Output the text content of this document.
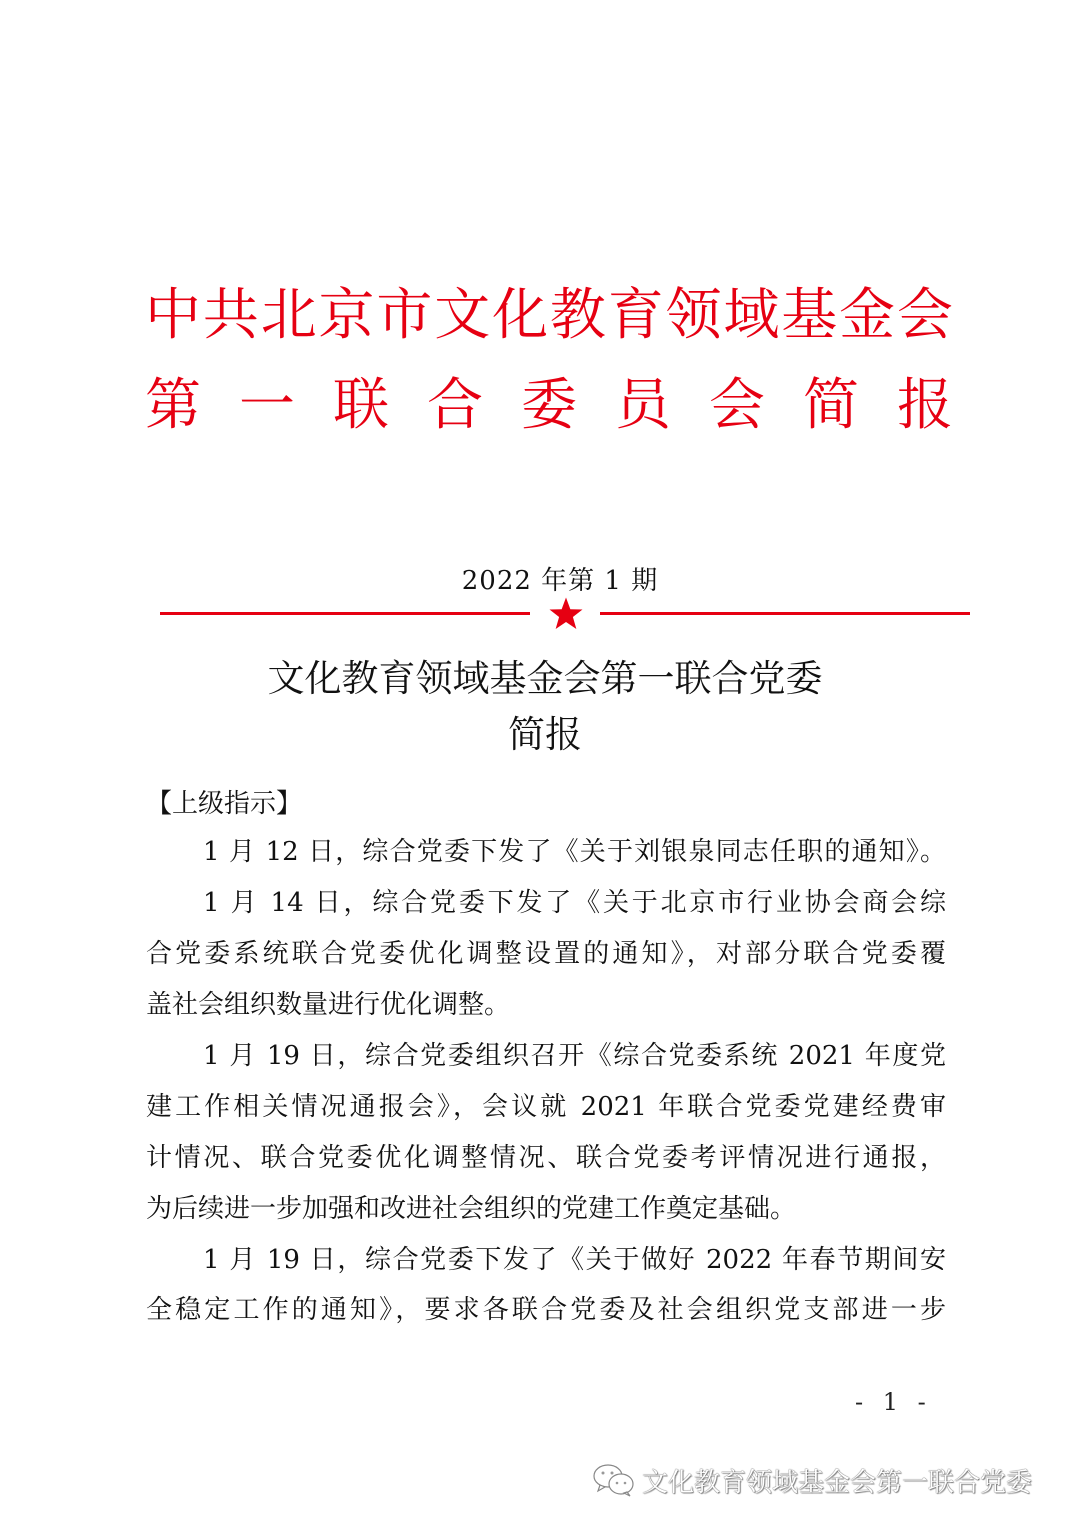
中共北京市文化教育领域基金会
第一联合委员会简报
2022 年第 1 期
文化教育领域基金会第一联合党委
简报
【上级指示】
1 月 12 日，综合党委下发了《关于刘银泉同志任职的通知》。
1 月 14 日，综合党委下发了《关于北京市行业协会商会综
合党委系统联合党委优化调整设置的通知》，对部分联合党委覆
盖社会组织数量进行优化调整。
1 月 19 日，综合党委组织召开《综合党委系统 2021 年度党
建工作相关情况通报会》，会议就 2021 年联合党委党建经费审
计情况、联合党委优化调整情况、联合党委考评情况进行通报，
为后续进一步加强和改进社会组织的党建工作奠定基础。
1 月 19 日，综合党委下发了《关于做好 2022 年春节期间安
全稳定工作的通知》，要求各联合党委及社会组织党支部进一步
- 1 -
文化教育领域基金会第一联合党委
